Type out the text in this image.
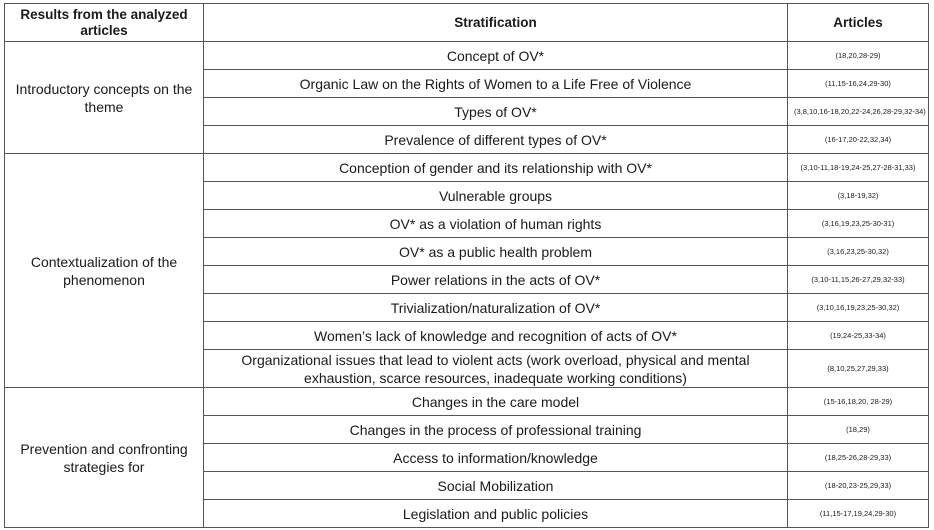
Results from the analyzed articles	Stratification	Articles
Introductory concepts on the theme	Concept of OV*	(18,20,28-29)
	Organic Law on the Rights of Women to a Life Free of Violence	(11,15-16,24,29-30)
	Types of OV*	(3,8,10,16-18,20,22-24,26,28-29,32-34)
	Prevalence of different types of OV*	(16-17,20-22,32,34)
Contextualization of the phenomenon	Conception of gender and its relationship with OV*	(3,10-11,18-19,24-25,27-28-31,33)
	Vulnerable groups	(3,18-19,32)
	OV* as a violation of human rights	(3,16,19,23,25-30-31)
	OV* as a public health problem	(3,16,23,25-30,32)
	Power relations in the acts of OV*	(3,10-11,15,26-27,29,32-33)
	Trivialization/naturalization of OV*	(3,10,16,19,23,25-30,32)
	Women’s lack of knowledge and recognition of acts of OV*	(19,24-25,33-34)
	Organizational issues that lead to violent acts (work overload, physical and mental exhaustion, scarce resources, inadequate working conditions)	(8,10,25,27,29,33)
Prevention and confronting strategies for	Changes in the care model	(15-16,18,20, 28-29)
	Changes in the process of professional training	(18,29)
	Access to information/knowledge	(18,25-26,28-29,33)
	Social Mobilization	(18-20,23-25,29,33)
	Legislation and public policies	(11,15-17,19,24,29-30)
